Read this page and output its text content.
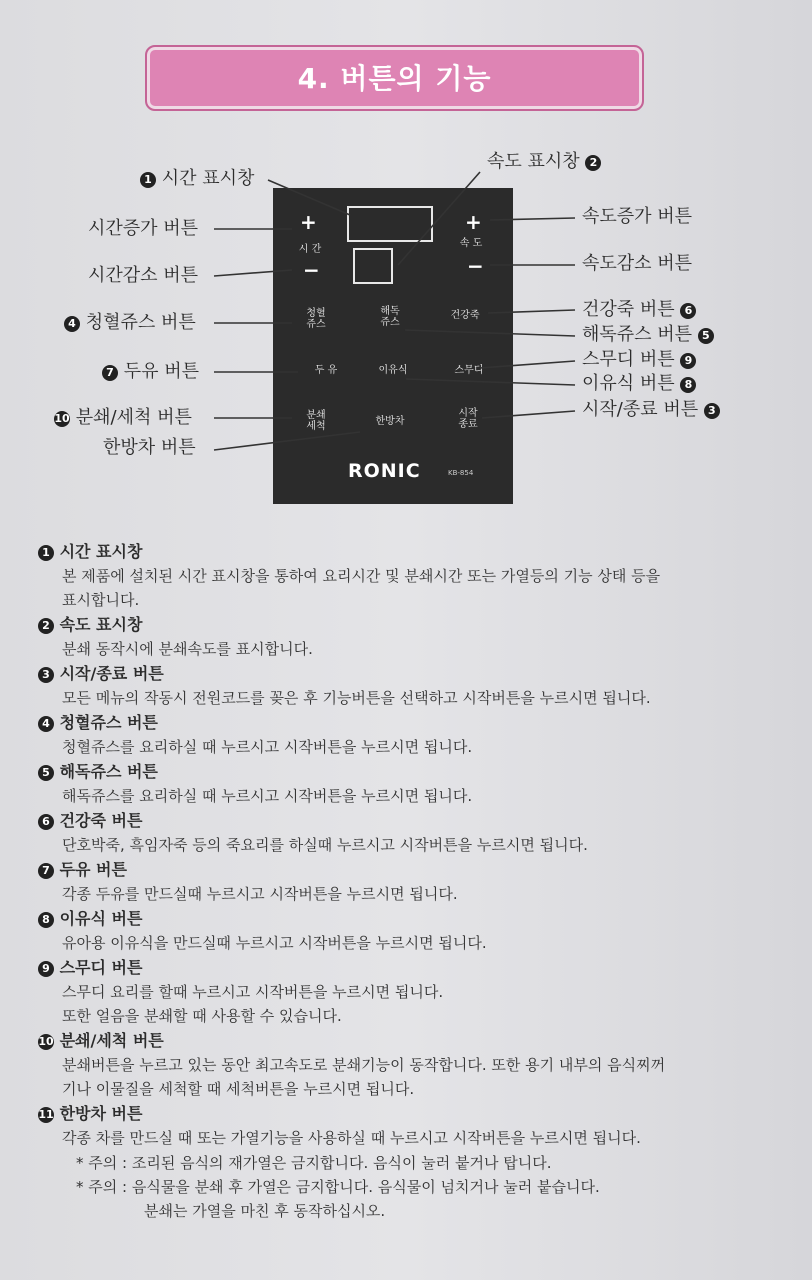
4. 버튼의 기능
+
시 간
−
+
속 도
−
청혈
쥬스
해독
쥬스
건강죽
두 유	이유식	스무디
분쇄
세척	한방차
시작
종료
RONIC	KB-854
1 시간 표시창
시간증가 버튼
시간감소 버튼
4 청혈쥬스 버튼
7 두유 버튼
10 분쇄/세척 버튼
한방차 버튼
속도 표시창 2
속도증가 버튼
속도감소 버튼
건강죽 버튼 6
해독쥬스 버튼 5
스무디 버튼 9
이유식 버튼 8
시작/종료 버튼 3
1 시간 표시창
본 제품에 설치된 시간 표시창을 통하여 요리시간 및 분쇄시간 또는 가열등의 기능 상태 등을
표시합니다.
2 속도 표시창
분쇄 동작시에 분쇄속도를 표시합니다.
3 시작/종료 버튼
모든 메뉴의 작동시 전원코드를 꽂은 후 기능버튼을 선택하고 시작버튼을 누르시면 됩니다.
4 청혈쥬스 버튼
청혈쥬스를 요리하실 때 누르시고 시작버튼을 누르시면 됩니다.
5 해독쥬스 버튼
해독쥬스를 요리하실 때 누르시고 시작버튼을 누르시면 됩니다.
6 건강죽 버튼
단호박죽, 흑임자죽 등의 죽요리를 하실때 누르시고 시작버튼을 누르시면 됩니다.
7 두유 버튼
각종 두유를 만드실때 누르시고 시작버튼을 누르시면 됩니다.
8 이유식 버튼
유아용 이유식을 만드실때 누르시고 시작버튼을 누르시면 됩니다.
9 스무디 버튼
스무디 요리를 할때 누르시고 시작버튼을 누르시면 됩니다.
또한 얼음을 분쇄할 때 사용할 수 있습니다.
10 분쇄/세척 버튼
분쇄버튼을 누르고 있는 동안 최고속도로 분쇄기능이 동작합니다. 또한 용기 내부의 음식찌꺼
기나 이물질을 세척할 때 세척버튼을 누르시면 됩니다.
11 한방차 버튼
각종 차를 만드실 때 또는 가열기능을 사용하실 때 누르시고 시작버튼을 누르시면 됩니다.
* 주의 : 조리된 음식의 재가열은 금지합니다. 음식이 눌러 붙거나 탑니다.
* 주의 : 음식물을 분쇄 후 가열은 금지합니다. 음식물이 넘치거나 눌러 붙습니다.
분쇄는 가열을 마친 후 동작하십시오.
